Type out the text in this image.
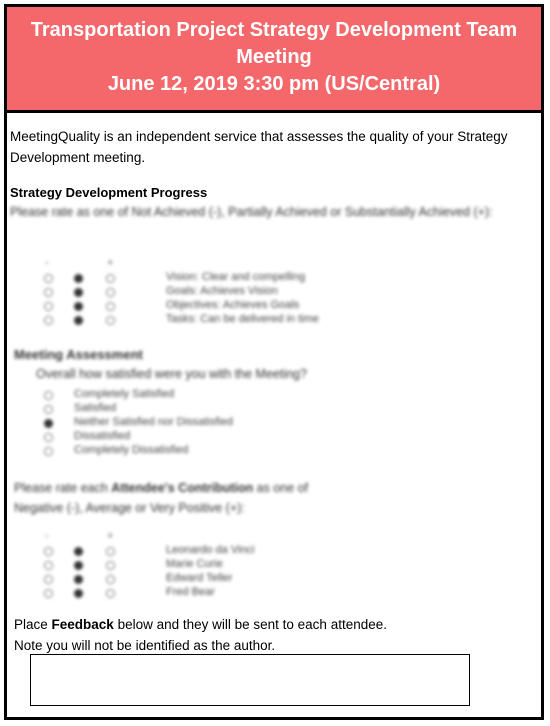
Transportation Project Strategy Development Team
Meeting
June 12, 2019 3:30 pm (US/Central)
MeetingQuality is an independent service that assesses the quality of your Strategy Development meeting.
Strategy Development Progress
Please rate as one of Not Achieved (-), Partially Achieved or Substantially Achieved (+):
-	+
Vision: Clear and compelling
Goals: Achieves Vision
Objectives: Achieves Goals
Tasks: Can be delivered in time
Meeting Assessment
Overall how satisfied were you with the Meeting?
Completely Satisfied
Satisfied
Neither Satisfied nor Dissatisfied
Dissatisfied
Completely Dissatisfied
Please rate each Attendee's Contribution as one of
Negative (-), Average or Very Positive (+):
-	+
Leonardo da Vinci
Marie Curie
Edward Teller
Fred Bear
Place Feedback below and they will be sent to each attendee.
Note you will not be identified as the author.
